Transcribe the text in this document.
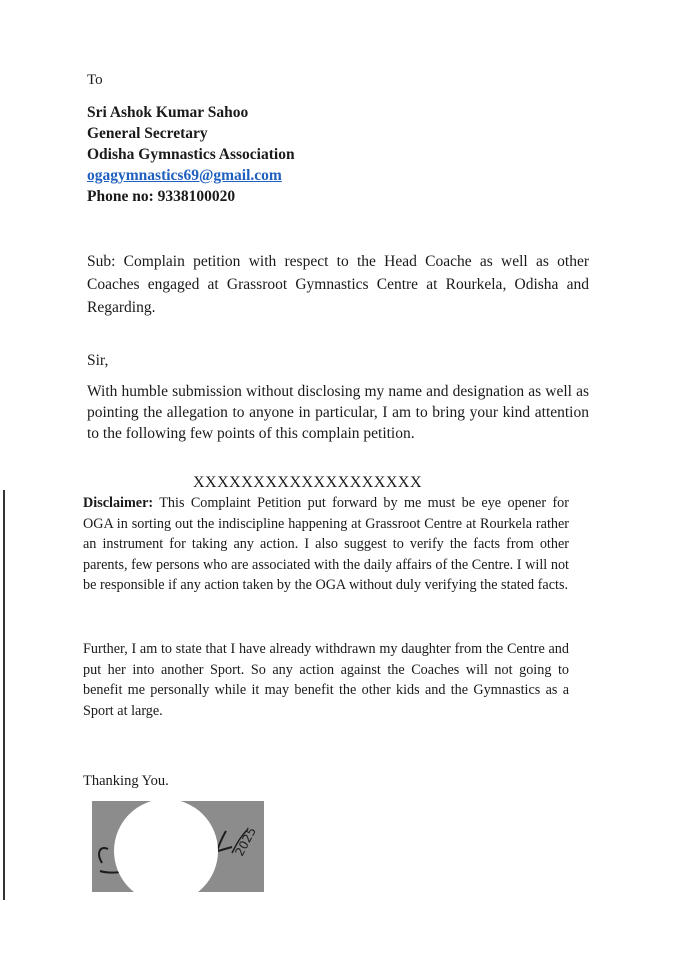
To
Sri Ashok Kumar Sahoo
General Secretary
Odisha Gymnastics Association
ogagymnastics69@gmail.com
Phone no: 9338100020
Sub: Complain petition with respect to the Head Coache as well as other Coaches engaged at Grassroot Gymnastics Centre at Rourkela, Odisha and Regarding.
Sir,
With humble submission without disclosing my name and designation as well as pointing the allegation to anyone in particular, I am to bring your kind attention to the following few points of this complain petition.
XXXXXXXXXXXXXXXXXXX
Disclaimer: This Complaint Petition put forward by me must be eye opener for OGA in sorting out the indiscipline happening at Grassroot Centre at Rourkela rather an instrument for taking any action. I also suggest to verify the facts from other parents, few persons who are associated with the daily affairs of the Centre. I will not be responsible if any action taken by the OGA without duly verifying the stated facts.
Further, I am to state that I have already withdrawn my daughter from the Centre and put her into another Sport. So any action against the Coaches will not going to benefit me personally while it may benefit the other kids and the Gymnastics as a Sport at large.
Thanking You.
2025
